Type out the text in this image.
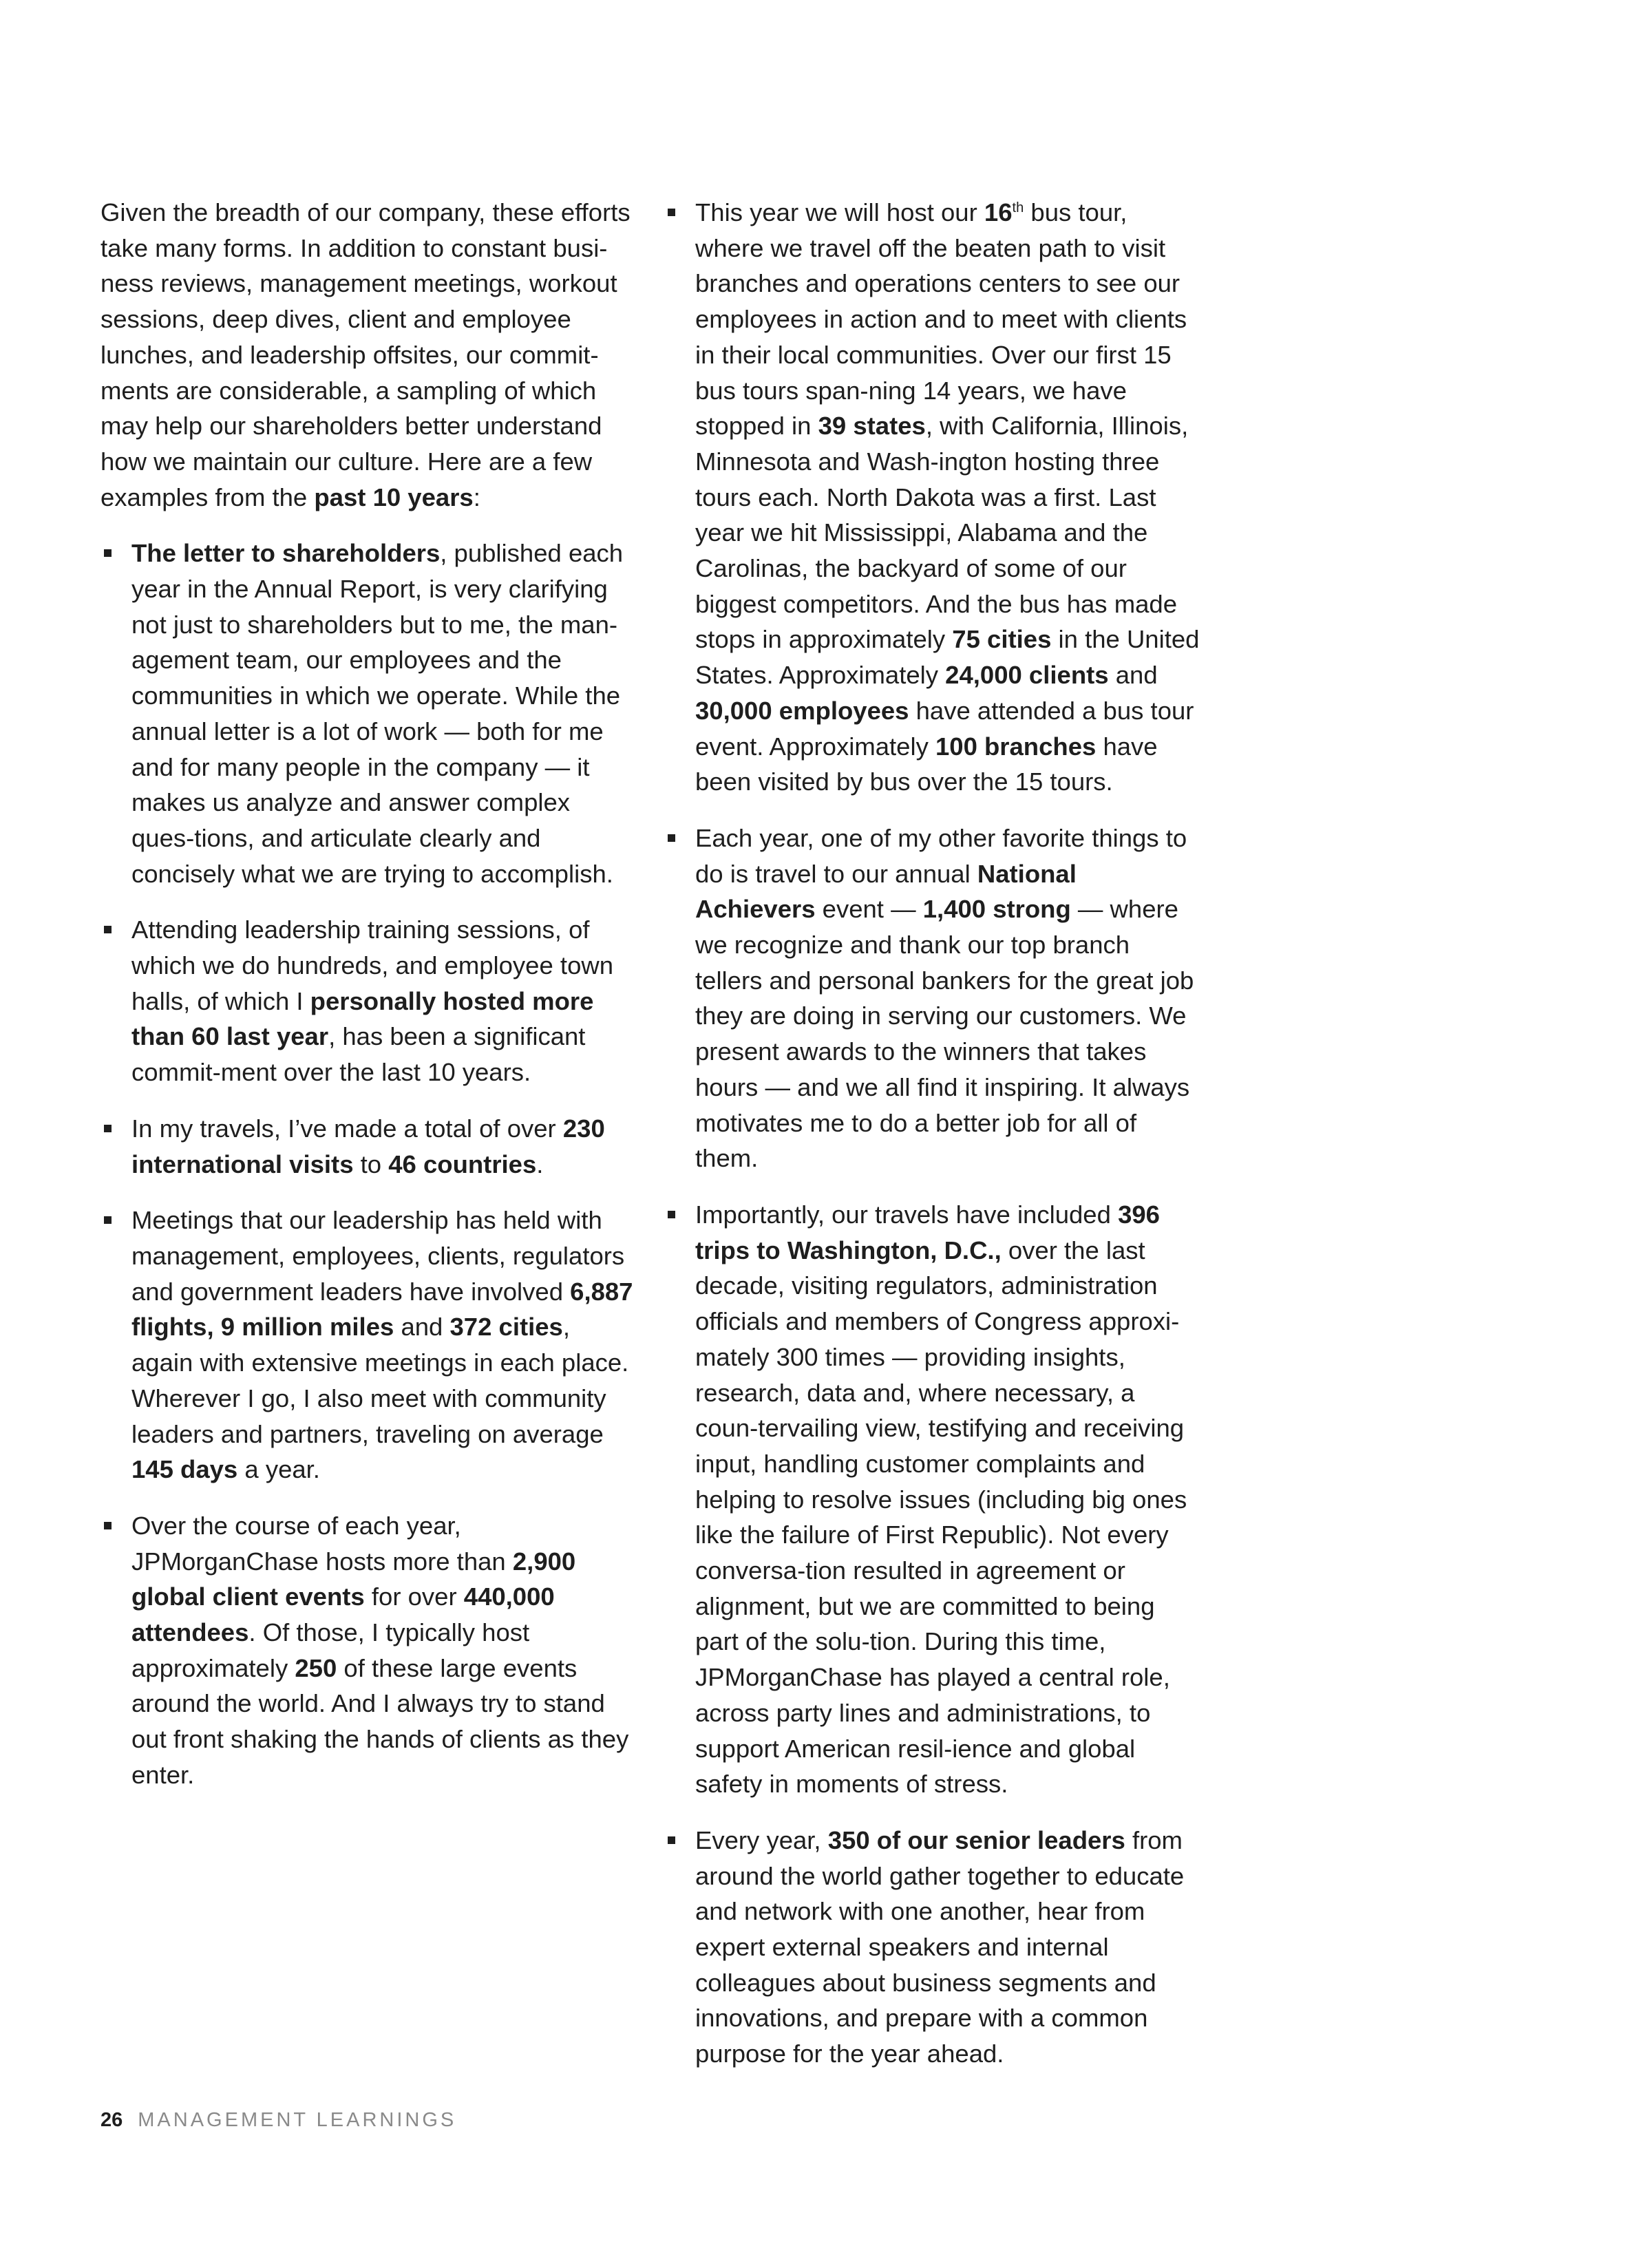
Given the breadth of our company, these efforts take many forms. In addition to constant busi-ness reviews, management meetings, workout sessions, deep dives, client and employee lunches, and leadership offsites, our commit-ments are considerable, a sampling of which may help our shareholders better understand how we maintain our culture. Here are a few examples from the past 10 years:

The letter to shareholders, published each year in the Annual Report, is very clarifying not just to shareholders but to me, the man-agement team, our employees and the communities in which we operate. While the annual letter is a lot of work — both for me and for many people in the company — it makes us analyze and answer complex ques-tions, and articulate clearly and concisely what we are trying to accomplish.
Attending leadership training sessions, of which we do hundreds, and employee town halls, of which I personally hosted more than 60 last year, has been a significant commit-ment over the last 10 years.
In my travels, I’ve made a total of over 230 international visits to 46 countries.
Meetings that our leadership has held with management, employees, clients, regulators and government leaders have involved 6,887 flights, 9 million miles and 372 cities, again with extensive meetings in each place. Wherever I go, I also meet with community leaders and partners, traveling on average 145 days a year.
Over the course of each year, JPMorganChase hosts more than 2,900 global client events for over 440,000 attendees. Of those, I typically host approximately 250 of these large events around the world. And I always try to stand out front shaking the hands of clients as they enter.
This year we will host our 16th bus tour, where we travel off the beaten path to visit branches and operations centers to see our employees in action and to meet with clients in their local communities. Over our first 15 bus tours span-ning 14 years, we have stopped in 39 states, with California, Illinois, Minnesota and Wash-ington hosting three tours each. North Dakota was a first. Last year we hit Mississippi, Alabama and the Carolinas, the backyard of some of our biggest competitors. And the bus has made stops in approximately 75 cities in the United States. Approximately 24,000 clients and 30,000 employees have attended a bus tour event. Approximately 100 branches have been visited by bus over the 15 tours.
Each year, one of my other favorite things to do is travel to our annual National Achievers event — 1,400 strong — where we recognize and thank our top branch tellers and personal bankers for the great job they are doing in serving our customers. We present awards to the winners that takes hours — and we all find it inspiring. It always motivates me to do a better job for all of them.
Importantly, our travels have included 396 trips to Washington, D.C., over the last decade, visiting regulators, administration officials and members of Congress approxi-mately 300 times — providing insights, research, data and, where necessary, a coun-tervailing view, testifying and receiving input, handling customer complaints and helping to resolve issues (including big ones like the failure of First Republic). Not every conversa-tion resulted in agreement or alignment, but we are committed to being part of the solu-tion. During this time, JPMorganChase has played a central role, across party lines and administrations, to support American resil-ience and global safety in moments of stress.
Every year, 350 of our senior leaders from around the world gather together to educate and network with one another, hear from expert external speakers and internal colleagues about business segments and innovations, and prepare with a common purpose for the year ahead.
26 MANAGEMENT LEARNINGS
